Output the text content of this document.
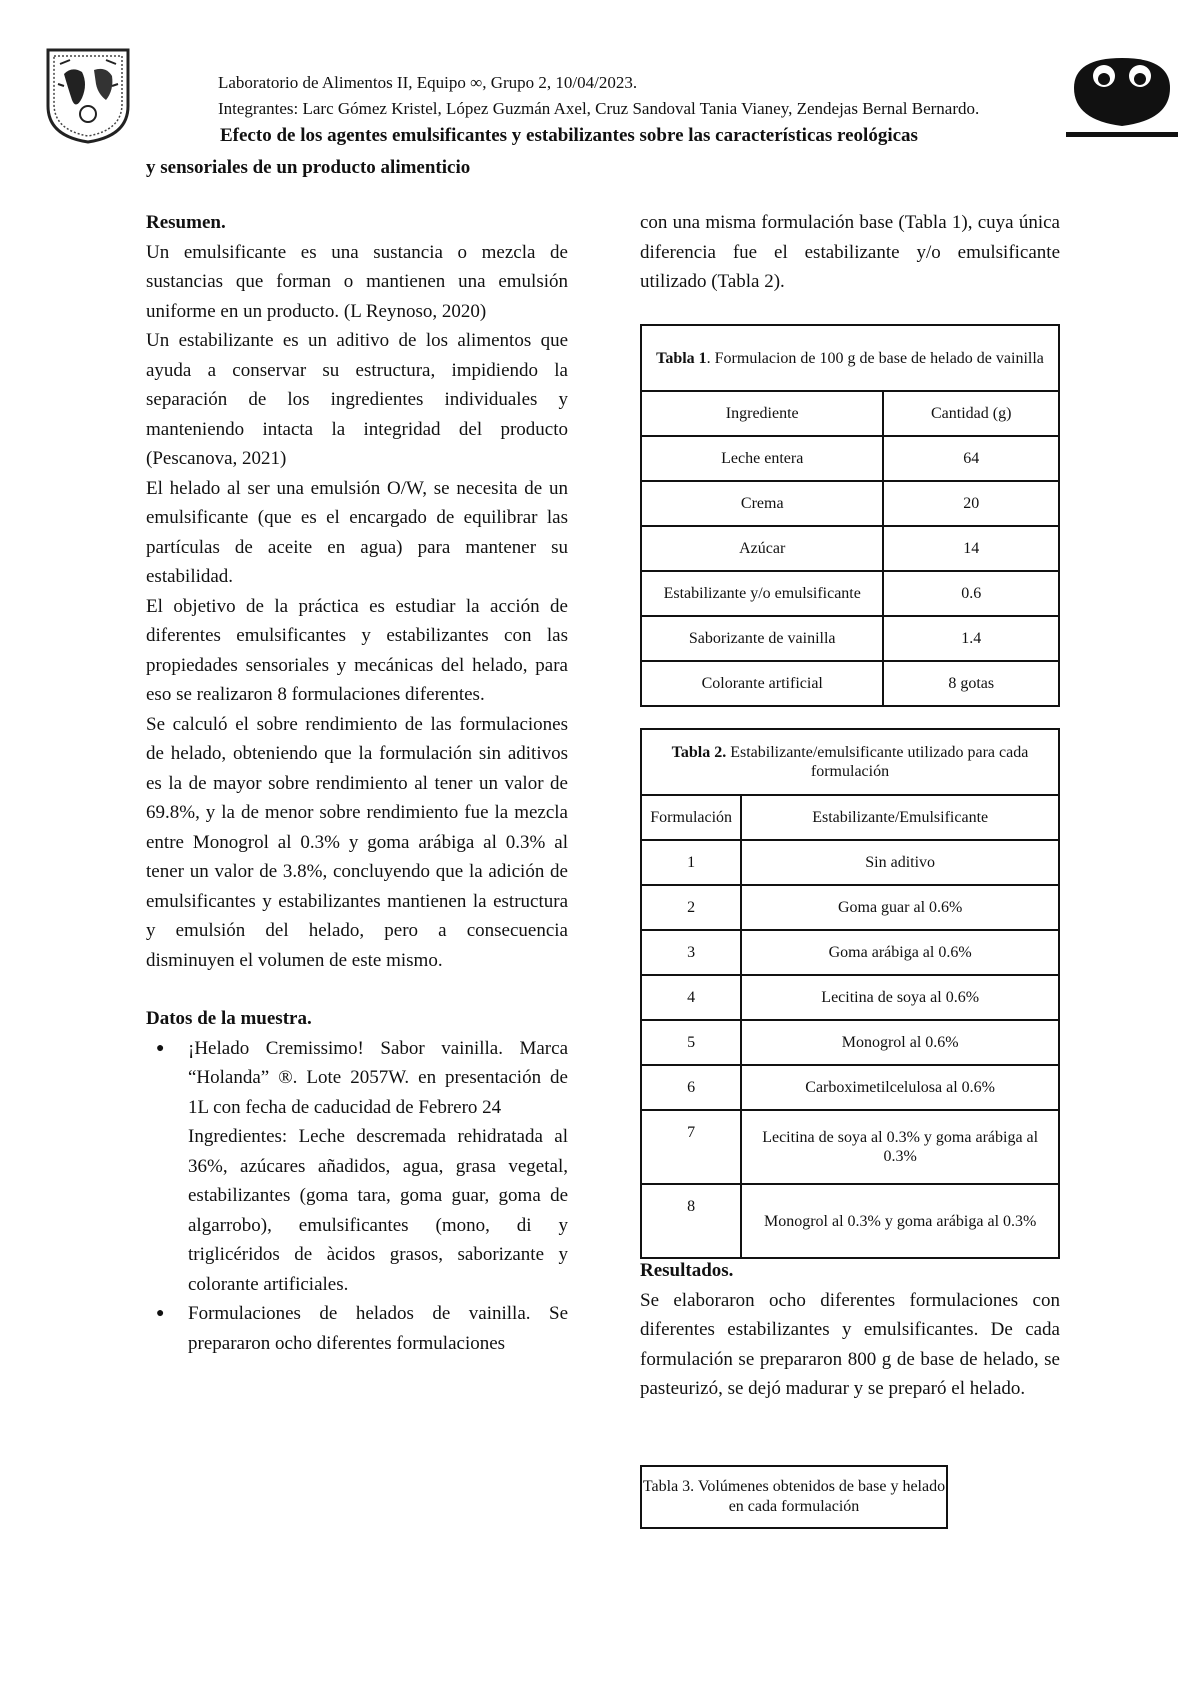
Laboratorio de Alimentos II, Equipo ∞, Grupo 2, 10/04/2023.
Integrantes: Larc Gómez Kristel, López Guzmán Axel, Cruz Sandoval Tania Vianey, Zendejas Bernal Bernardo.
Efecto de los agentes emulsificantes y estabilizantes sobre las características reológicas
y sensoriales de un producto alimenticio
Resumen.

Un emulsificante es una sustancia o mezcla de sustancias que forman o mantienen una emulsión uniforme en un producto. (L Reynoso, 2020)

Un estabilizante es un aditivo de los alimentos que ayuda a conservar su estructura, impidiendo la separación de los ingredientes individuales y manteniendo intacta la integridad del producto (Pescanova, 2021)

El helado al ser una emulsión O/W, se necesita de un emulsificante (que es el encargado de equilibrar las partículas de aceite en agua) para mantener su estabilidad.

El objetivo de la práctica es estudiar la acción de diferentes emulsificantes y estabilizantes con las propiedades sensoriales y mecánicas del helado, para eso se realizaron 8 formulaciones diferentes.

Se calculó el sobre rendimiento de las formulaciones de helado, obteniendo que la formulación sin aditivos es la de mayor sobre rendimiento al tener un valor de 69.8%, y la de menor sobre rendimiento fue la mezcla entre Monogrol al 0.3% y goma arábiga al 0.3% al tener un valor de 3.8%, concluyendo que la adición de emulsificantes y estabilizantes mantienen la estructura y emulsión del helado, pero a consecuencia disminuyen el volumen de este mismo.

Datos de la muestra.
● ¡Helado Cremissimo! Sabor vainilla. Marca “Holanda” ®. Lote 2057W. en presentación de 1L con fecha de caducidad de Febrero 24
Ingredientes: Leche descremada rehidratada al 36%, azúcares añadidos, agua, grasa vegetal, estabilizantes (goma tara, goma guar, goma de algarrobo), emulsificantes (mono, di y triglicéridos de àcidos grasos, saborizante y colorante artificiales.
● Formulaciones de helados de vainilla. Se prepararon ocho diferentes formulaciones

con una misma formulación base (Tabla 1), cuya única diferencia fue el estabilizante y/o emulsificante utilizado (Tabla 2).

Tabla 1. Formulacion de 100 g de base de helado de vainilla	
Ingrediente	Cantidad (g)
Leche entera	64
Crema	20
Azúcar	14
Estabilizante y/o emulsificante	0.6
Saborizante de vainilla	1.4
Colorante artificial	8 gotas
Tabla 2. Estabilizante/emulsificante utilizado para cada formulación	
Formulación	Estabilizante/Emulsificante
1	Sin aditivo
2	Goma guar al 0.6%
3	Goma arábiga al 0.6%
4	Lecitina de soya al 0.6%
5	Monogrol al 0.6%
6	Carboximetilcelulosa al 0.6%
7	Lecitina de soya al 0.3% y goma arábiga al 0.3%
8	Monogrol al 0.3% y goma arábiga al 0.3%
Resultados.

Se elaboraron ocho diferentes formulaciones con diferentes estabilizantes y emulsificantes. De cada formulación se prepararon 800 g de base de helado, se pasteurizó, se dejó madurar y se preparó el helado.

Tabla 3. Volúmenes obtenidos de base y helado en cada formulación
